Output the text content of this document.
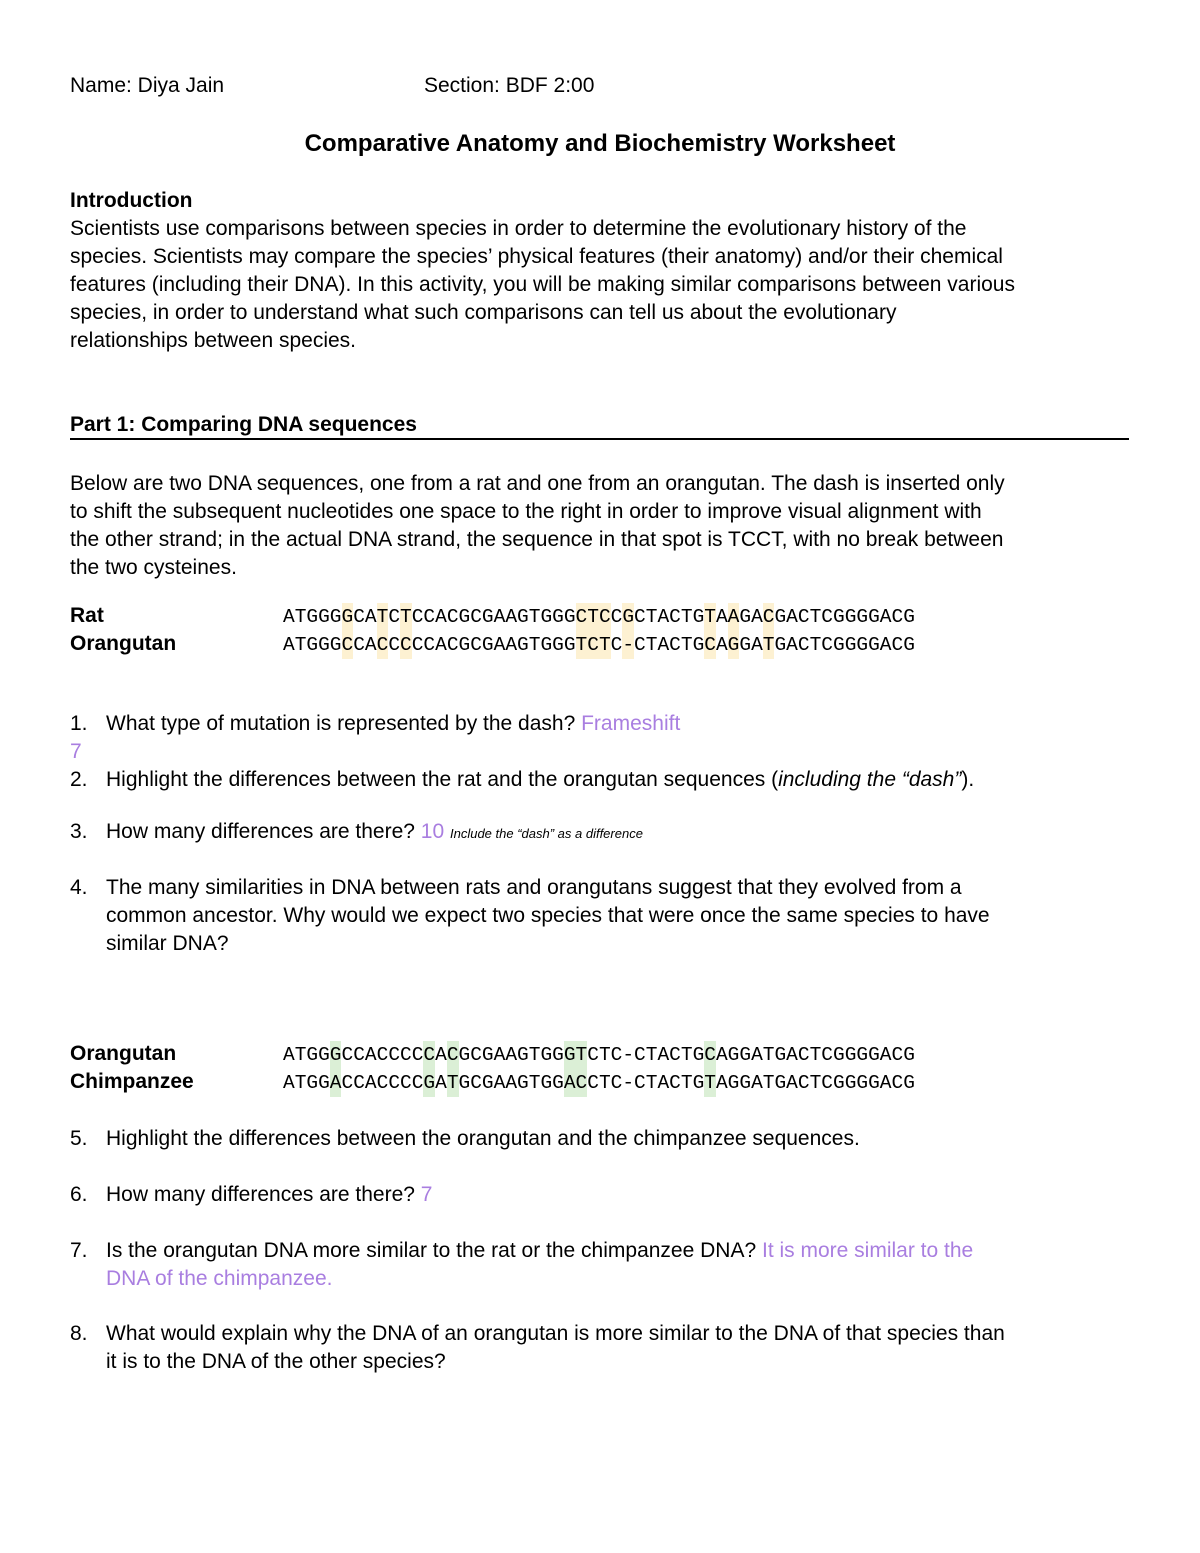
Name: Diya Jain	Section: BDF 2:00
Comparative Anatomy and Biochemistry Worksheet
Introduction
Scientists use comparisons between species in order to determine the evolutionary history of the
species. Scientists may compare the species’ physical features (their anatomy) and/or their chemical
features (including their DNA). In this activity, you will be making similar comparisons between various
species, in order to understand what such comparisons can tell us about the evolutionary
relationships between species.
Part 1: Comparing DNA sequences
Below are two DNA sequences, one from a rat and one from an orangutan. The dash is inserted only
to shift the subsequent nucleotides one space to the right in order to improve visual alignment with
the other strand; in the actual DNA strand, the sequence in that spot is TCCT, with no break between
the two cysteines.
Rat
Orangutan
ATGGGGCATCTCCACGCGAAGTGGGCTCCGCTACTGTAAGACGACTCGGGGACG
ATGGGCCACCCCCACGCGAAGTGGGTCTC-CTACTGCAGGATGACTCGGGGACG
1. What type of mutation is represented by the dash? Frameshift
7
2. Highlight the differences between the rat and the orangutan sequences (including the “dash”).
3. How many differences are there? 10 Include the “dash” as a difference
4. The many similarities in DNA between rats and orangutans suggest that they evolved from a
common ancestor. Why would we expect two species that were once the same species to have
similar DNA?
Orangutan
Chimpanzee
ATGGGCCACCCCCACGCGAAGTGGGTCTC-CTACTGCAGGATGACTCGGGGACG
ATGGACCACCCCGATGCGAAGTGGACCTC-CTACTGTAGGATGACTCGGGGACG
5. Highlight the differences between the orangutan and the chimpanzee sequences.
6. How many differences are there? 7
7. Is the orangutan DNA more similar to the rat or the chimpanzee DNA? It is more similar to the
DNA of the chimpanzee.
8. What would explain why the DNA of an orangutan is more similar to the DNA of that species than
it is to the DNA of the other species?
